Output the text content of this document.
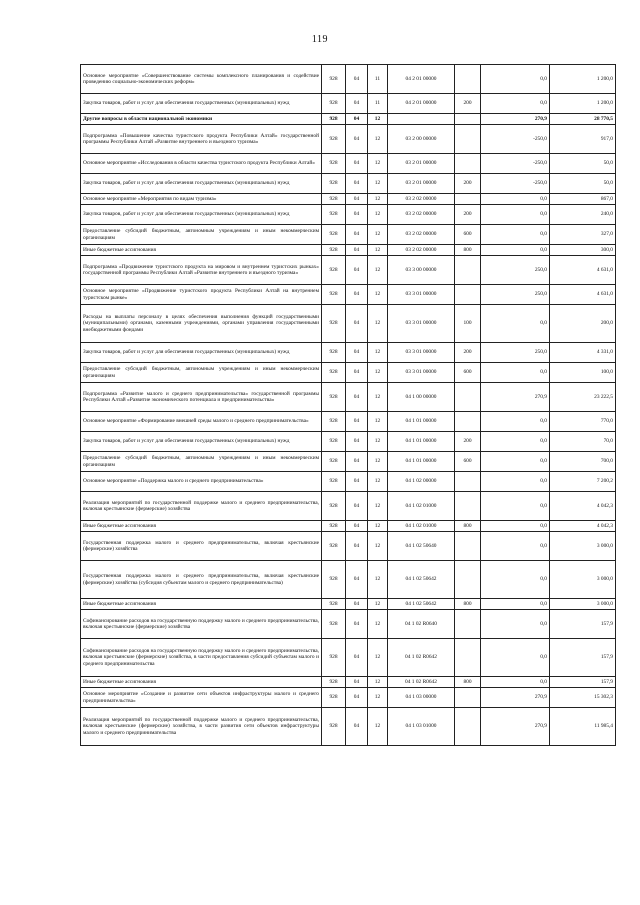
119
Основное мероприятие «Совершенствование системы комплексного планирования и содействие проведению социально-экономических реформ»	928	04	11	04 2 01 00000		0,0	1 200,0
Закупка товаров, работ и услуг для обеспечения государственных (муниципальных) нужд	928	04	11	04 2 01 00000	200	0,0	1 200,0
Другие вопросы в области национальной экономики	928	04	12			270,9	28 770,5
Подпрограмма «Повышение качества туристского продукта Республики Алтай» государственной программы Республики Алтай «Развитие внутреннего и въездного туризма»	928	04	12	03 2 00 00000		-250,0	917,0
Основное мероприятие «Исследования в области качества туристского продукта Республики Алтай»	928	04	12	03 2 01 00000		-250,0	50,0
Закупка товаров, работ и услуг для обеспечения государственных (муниципальных) нужд	928	04	12	03 2 01 00000	200	-250,0	50,0
Основное мероприятие «Мероприятия по видам туризма»	928	04	12	03 2 02 00000		0,0	867,0
Закупка товаров, работ и услуг для обеспечения государственных (муниципальных) нужд	928	04	12	03 2 02 00000	200	0,0	240,0
Предоставление субсидий бюджетным, автономным учреждениям и иным некоммерческим организациям	928	04	12	03 2 02 00000	600	0,0	327,0
Иные бюджетные ассигнования	928	04	12	03 2 02 00000	800	0,0	300,0
Подпрограмма «Продвижение туристского продукта на мировом и внутреннем туристских рынках» государственной программы Республики Алтай «Развитие внутреннего и въездного туризма»	928	04	12	03 3 00 00000		250,0	4 631,0
Основное мероприятие «Продвижение туристского продукта Республики Алтай на внутреннем туристском рынке»	928	04	12	03 3 01 00000		250,0	4 631,0
Расходы на выплаты персоналу в целях обеспечения выполнения функций государственными (муниципальными) органами, казенными учреждениями, органами управления государственными внебюджетными фондами	928	04	12	03 3 01 00000	100	0,0	200,0
Закупка товаров, работ и услуг для обеспечения государственных (муниципальных) нужд	928	04	12	03 3 01 00000	200	250,0	4 331,0
Предоставление субсидий бюджетным, автономным учреждениям и иным некоммерческим организациям	928	04	12	03 3 01 00000	600	0,0	100,0
Подпрограмма «Развитие малого и среднего предпринимательства» государственной программы Республики Алтай «Развитие экономического потенциала и предпринимательства»	928	04	12	04 1 00 00000		270,9	23 222,5
Основное мероприятие «Формирование внешней среды малого и среднего предпринимательства»	928	04	12	04 1 01 00000		0,0	770,0
Закупка товаров, работ и услуг для обеспечения государственных (муниципальных) нужд	928	04	12	04 1 01 00000	200	0,0	70,0
Предоставление субсидий бюджетным, автономным учреждениям и иным некоммерческим организациям	928	04	12	04 1 01 00000	600	0,0	700,0
Основное мероприятие «Поддержка малого и среднего предпринимательства»	928	04	12	04 1 02 00000		0,0	7 200,2
Реализация мероприятий по государственной поддержке малого и среднего предпринимательства, включая крестьянские (фермерские) хозяйства	928	04	12	04 1 02 01000		0,0	4 042,3
Иные бюджетные ассигнования	928	04	12	04 1 02 01000	800	0,0	4 042,3
Государственная поддержка малого и среднего предпринимательства, включая крестьянские (фермерские) хозяйства	928	04	12	04 1 02 50640		0,0	3 000,0
Государственная поддержка малого и среднего предпринимательства, включая крестьянские (фермерские) хозяйства (субсидия субъектам малого и среднего предпринимательства)	928	04	12	04 1 02 50642		0,0	3 000,0
Иные бюджетные ассигнования	928	04	12	04 1 02 50642	800	0,0	3 000,0
Софинансирование расходов на государственную поддержку малого и среднего предпринимательства, включая крестьянские (фермерские) хозяйства	928	04	12	04 1 02 R0640		0,0	157,9
Софинансирование расходов на государственную поддержку малого и среднего предпринимательства, включая крестьянские (фермерские) хозяйства, в части предоставления субсидий субъектам малого и среднего предпринимательства	928	04	12	04 1 02 R0642		0,0	157,9
Иные бюджетные ассигнования	928	04	12	04 1 02 R0642	800	0,0	157,9
Основное мероприятие «Создание и развитие сети объектов инфраструктуры малого и среднего предпринимательства»	928	04	12	04 1 03 00000		270,9	15 302,3
Реализация мероприятий по государственной поддержке малого и среднего предпринимательства, включая крестьянские (фермерские) хозяйства, в части развития сети объектов инфраструктуры малого и среднего предпринимательства	928	04	12	04 1 03 01000		270,9	11 985,4
